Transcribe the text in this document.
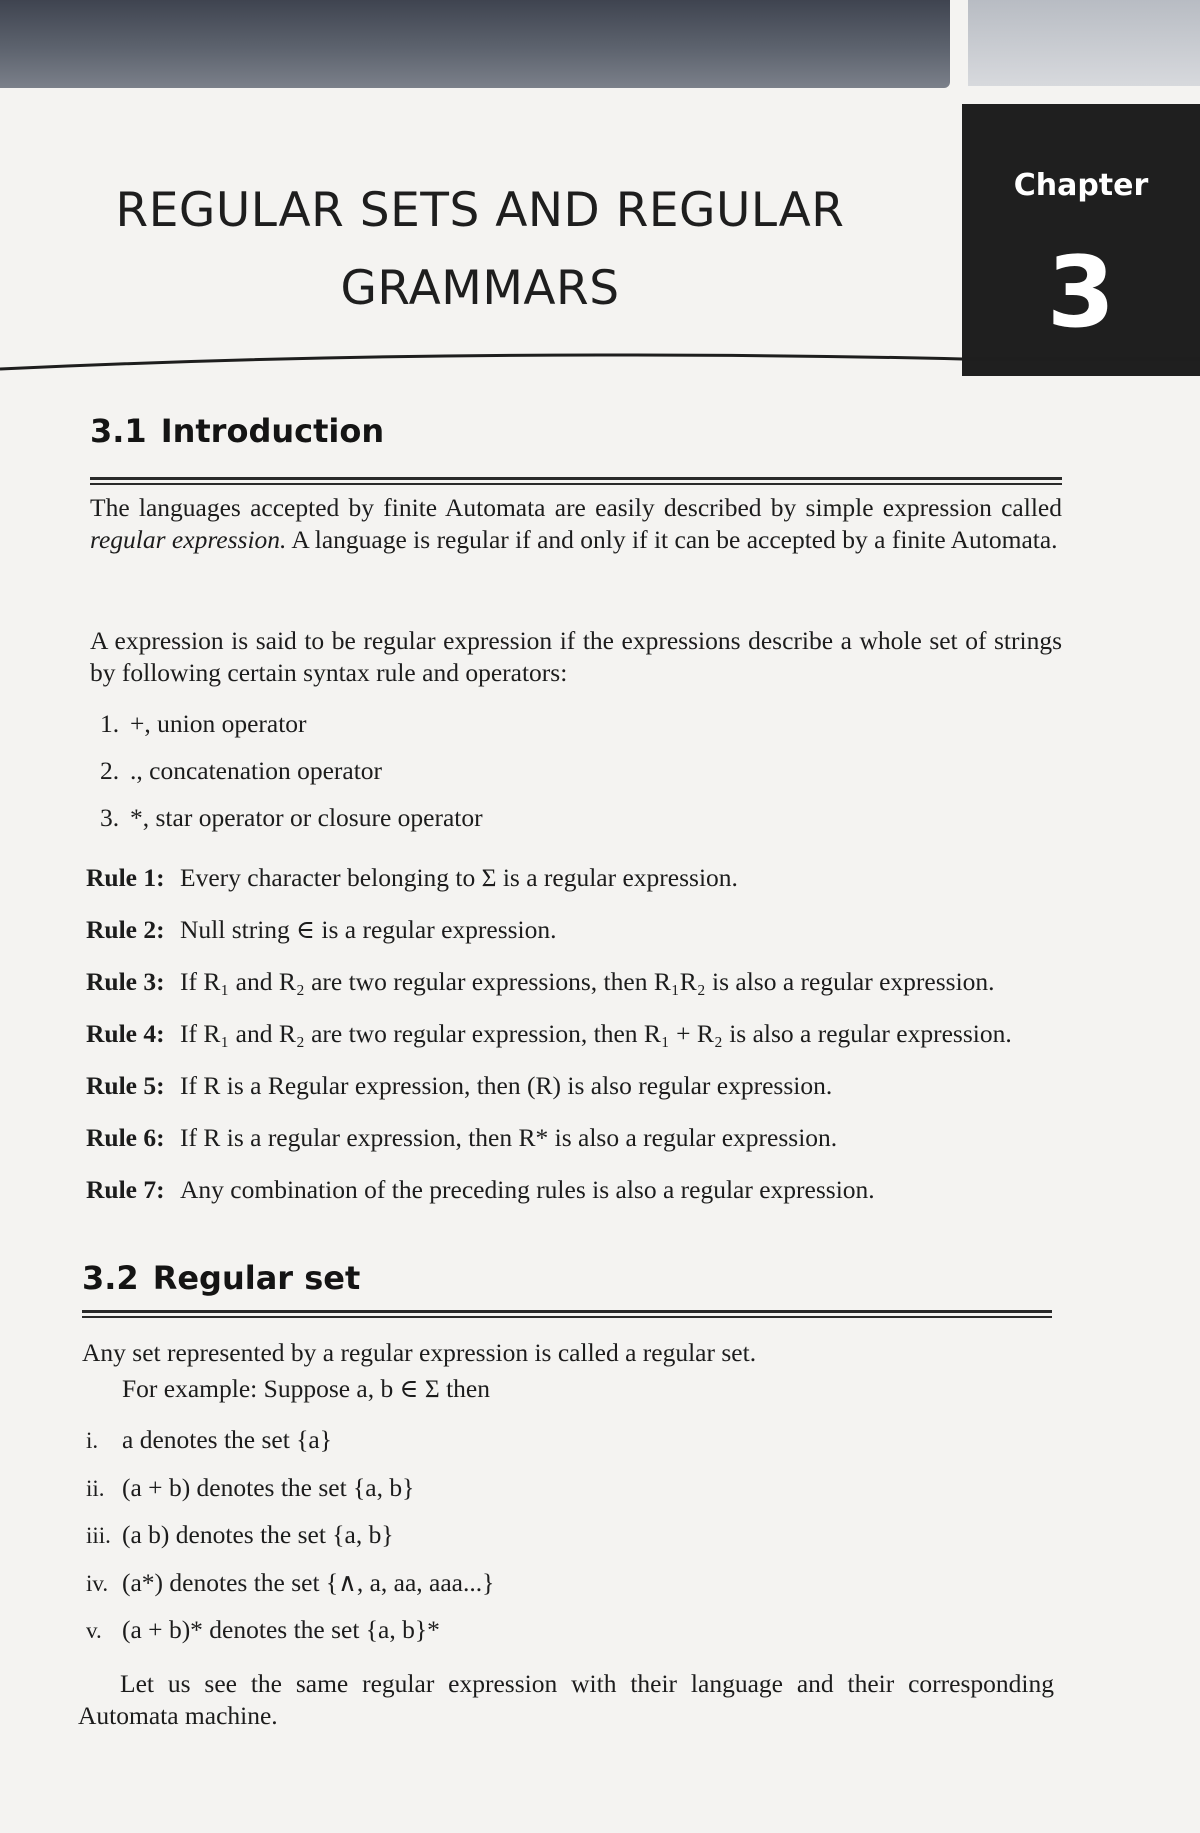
Chapter
3
REGULAR SETS AND REGULAR
GRAMMARS
3.1 Introduction
The languages accepted by finite Automata are easily described by simple expression called regular expression. A language is regular if and only if it can be accepted by a finite Automata.
A expression is said to be regular expression if the expressions describe a whole set of strings by following certain syntax rule and operators:
1. +, union operator
2. ., concatenation operator
3. *, star operator or closure operator
Rule 1: Every character belonging to Σ is a regular expression.
Rule 2: Null string ∈ is a regular expression.
Rule 3: If R₁ and R₂ are two regular expressions, then R₁R₂ is also a regular expression.
Rule 4: If R₁ and R₂ are two regular expression, then R₁ + R₂ is also a regular expression.
Rule 5: If R is a Regular expression, then (R) is also regular expression.
Rule 6: If R is a regular expression, then R* is also a regular expression.
Rule 7: Any combination of the preceding rules is also a regular expression.
3.2 Regular set
Any set represented by a regular expression is called a regular set.
For example: Suppose a, b ∈ Σ then
i. a denotes the set {a}
ii. (a + b) denotes the set {a, b}
iii. (a b) denotes the set {a, b}
iv. (a*) denotes the set {∧, a, aa, aaa...}
v. (a + b)* denotes the set {a, b}*
Let us see the same regular expression with their language and their corresponding Automata machine.
